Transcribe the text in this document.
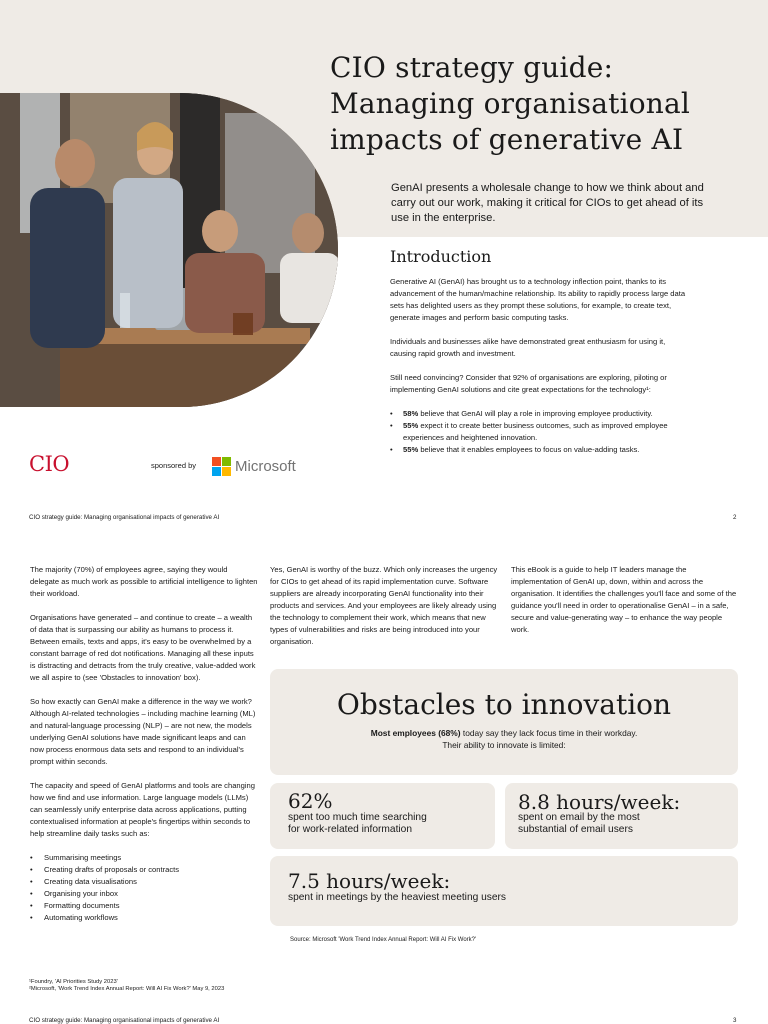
CIO strategy guide:
Managing organisational
impacts of generative AI
GenAI presents a wholesale change to how we think about and carry out our work, making it critical for CIOs to get ahead of its use in the enterprise.
Introduction
Generative AI (GenAI) has brought us to a technology inflection point, thanks to its advancement of the human/machine relationship. Its ability to rapidly process large data sets has delighted users as they prompt these solutions, for example, to create text, generate images and perform basic computing tasks.
Individuals and businesses alike have demonstrated great enthusiasm for using it, causing rapid growth and investment.
Still need convincing? Consider that 92% of organisations are exploring, piloting or implementing GenAI solutions and cite great expectations for the technology¹:
• 58% believe that GenAI will play a role in improving employee productivity.
• 55% expect it to create better business outcomes, such as improved employee experiences and heightened innovation.
• 55% believe that it enables employees to focus on value-adding tasks.
CIO	sponsored by	Microsoft
CIO strategy guide: Managing organisational impacts of generative AI	2

The majority (70%) of employees agree, saying they would delegate as much work as possible to artificial intelligence to lighten their workload.

Organisations have generated – and continue to create – a wealth of data that is surpassing our ability as humans to process it. Between emails, texts and apps, it's easy to be overwhelmed by a constant barrage of red dot notifications. Managing all these inputs is distracting and detracts from the truly creative, value-added work we all aspire to (see 'Obstacles to innovation' box).

So how exactly can GenAI make a difference in the way we work? Although AI-related technologies – including machine learning (ML) and natural-language processing (NLP) – are not new, the models underlying GenAI solutions have made significant leaps and can now process enormous data sets and respond to an individual's prompt within seconds.

The capacity and speed of GenAI platforms and tools are changing how we find and use information. Large language models (LLMs) can seamlessly unify enterprise data across applications, putting contextualised information at people's fingertips within seconds to help streamline daily tasks such as:

• Summarising meetings
• Creating drafts of proposals or contracts
• Creating data visualisations
• Organising your inbox
• Formatting documents
• Automating workflows

Yes, GenAI is worthy of the buzz. Which only increases the urgency for CIOs to get ahead of its rapid implementation curve. Software suppliers are already incorporating GenAI functionality into their products and services. And your employees are likely already using the technology to complement their work, which means that new types of vulnerabilities and risks are being introduced into your organisation.

This eBook is a guide to help IT leaders manage the implementation of GenAI up, down, within and across the organisation. It identifies the challenges you'll face and some of the guidance you'll need in order to operationalise GenAI – in a safe, secure and value-generating way – to enhance the way people work.

Obstacles to innovation
Most employees (68%) today say they lack focus time in their workday.
Their ability to innovate is limited:
62%
spent too much time searching
for work-related information
8.8 hours/week:
spent on email by the most
substantial of email users
7.5 hours/week:
spent in meetings by the heaviest meeting users
Source: Microsoft 'Work Trend Index Annual Report: Will AI Fix Work?'
¹Foundry, 'AI Priorities Study 2023'
²Microsoft, 'Work Trend Index Annual Report: Will AI Fix Work?' May 9, 2023
CIO strategy guide: Managing organisational impacts of generative AI	3
